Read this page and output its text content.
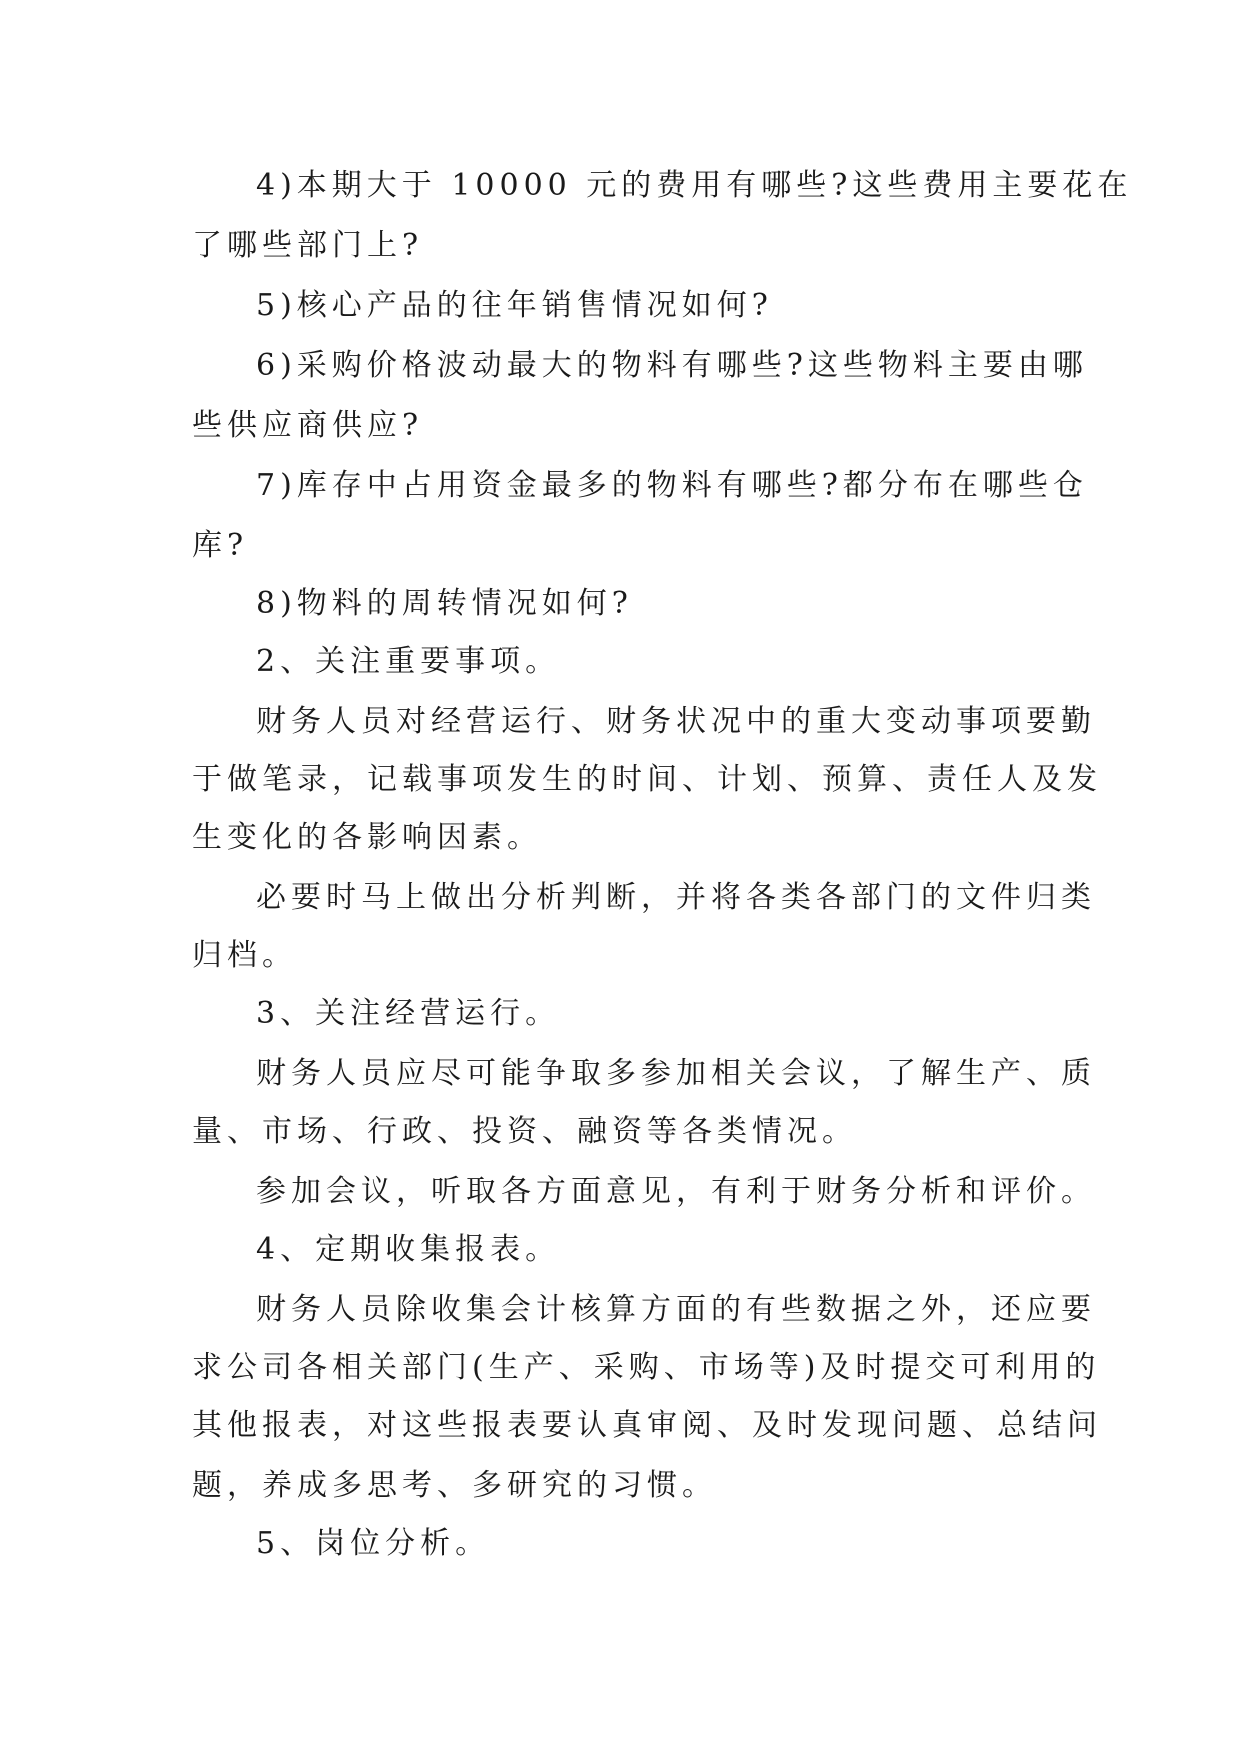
4)本期大于 10000 元的费用有哪些?这些费用主要花在
了哪些部门上?
5)核心产品的往年销售情况如何?
6)采购价格波动最大的物料有哪些?这些物料主要由哪
些供应商供应?
7)库存中占用资金最多的物料有哪些?都分布在哪些仓
库?
8)物料的周转情况如何?
2、关注重要事项。
财务人员对经营运行、财务状况中的重大变动事项要勤
于做笔录，记载事项发生的时间、计划、预算、责任人及发
生变化的各影响因素。
必要时马上做出分析判断，并将各类各部门的文件归类
归档。
3、关注经营运行。
财务人员应尽可能争取多参加相关会议，了解生产、质
量、市场、行政、投资、融资等各类情况。
参加会议，听取各方面意见，有利于财务分析和评价。
4、定期收集报表。
财务人员除收集会计核算方面的有些数据之外，还应要
求公司各相关部门(生产、采购、市场等)及时提交可利用的
其他报表，对这些报表要认真审阅、及时发现问题、总结问
题，养成多思考、多研究的习惯。
5、岗位分析。
